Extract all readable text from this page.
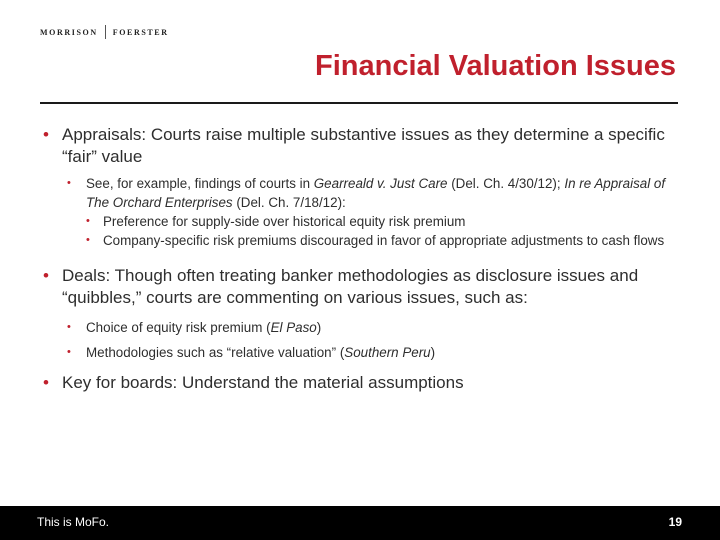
MORRISON FOERSTER
Financial Valuation Issues
• Appraisals: Courts raise multiple substantive issues as they determine a specific “fair” value
• See, for example, findings of courts in Gearreald v. Just Care (Del. Ch. 4/30/12); In re Appraisal of The Orchard Enterprises (Del. Ch. 7/18/12):
• Preference for supply-side over historical equity risk premium
• Company-specific risk premiums discouraged in favor of appropriate adjustments to cash flows
• Deals: Though often treating banker methodologies as disclosure issues and “quibbles,” courts are commenting on various issues, such as:
• Choice of equity risk premium (El Paso)
• Methodologies such as “relative valuation” (Southern Peru)
• Key for boards: Understand the material assumptions
This is MoFo.	19
